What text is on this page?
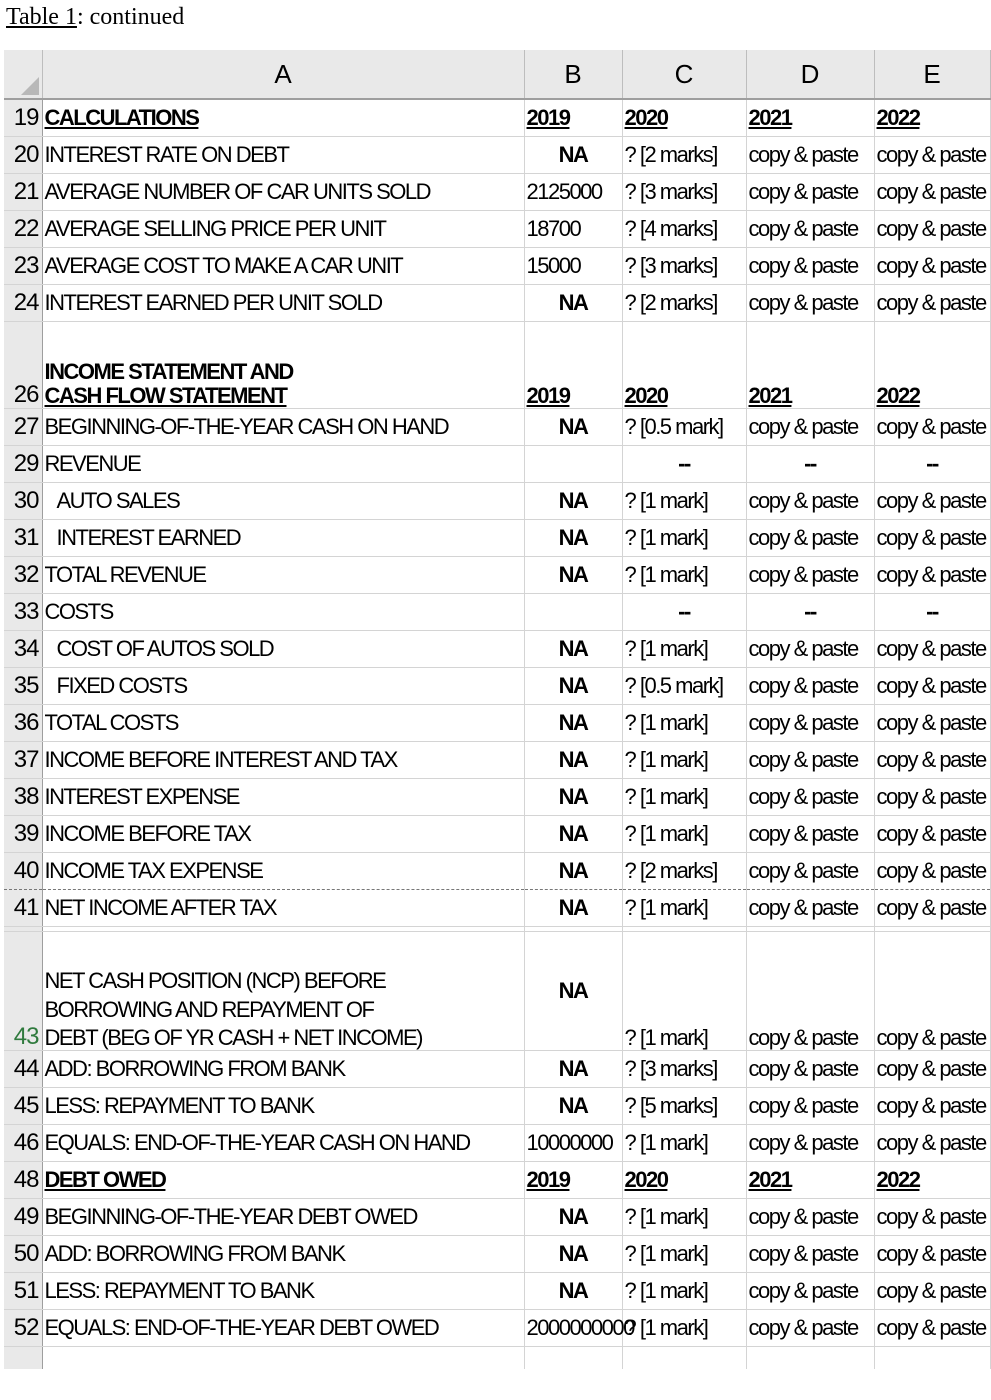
Table 1: continued
	A	B	C	D	E
19	CALCULATIONS	2019	2020	2021	2022
20	INTEREST RATE ON DEBT	NA	? [2 marks]	copy & paste	copy & paste
21	AVERAGE NUMBER OF CAR UNITS SOLD	2125000	? [3 marks]	copy & paste	copy & paste
22	AVERAGE SELLING PRICE PER UNIT	18700	? [4 marks]	copy & paste	copy & paste
23	AVERAGE COST TO MAKE A CAR UNIT	15000	? [3 marks]	copy & paste	copy & paste
24	INTEREST EARNED PER UNIT SOLD	NA	? [2 marks]	copy & paste	copy & paste
26	INCOME STATEMENT AND
CASH FLOW STATEMENT	2019	2020	2021	2022
27	BEGINNING-OF-THE-YEAR CASH ON HAND	NA	? [0.5 mark]	copy & paste	copy & paste
29	REVENUE		--	--	--
30	AUTO SALES	NA	? [1 mark]	copy & paste	copy & paste
31	INTEREST EARNED	NA	? [1 mark]	copy & paste	copy & paste
32	TOTAL REVENUE	NA	? [1 mark]	copy & paste	copy & paste
33	COSTS		--	--	--
34	COST OF AUTOS SOLD	NA	? [1 mark]	copy & paste	copy & paste
35	FIXED COSTS	NA	? [0.5 mark]	copy & paste	copy & paste
36	TOTAL COSTS	NA	? [1 mark]	copy & paste	copy & paste
37	INCOME BEFORE INTEREST AND TAX	NA	? [1 mark]	copy & paste	copy & paste
38	INTEREST EXPENSE	NA	? [1 mark]	copy & paste	copy & paste
39	INCOME BEFORE TAX	NA	? [1 mark]	copy & paste	copy & paste
40	INCOME TAX EXPENSE	NA	? [2 marks]	copy & paste	copy & paste
41	NET INCOME AFTER TAX	NA	? [1 mark]	copy & paste	copy & paste

43	NET CASH POSITION (NCP) BEFORE
BORROWING AND REPAYMENT OF
DEBT (BEG OF YR CASH + NET INCOME)	NA	? [1 mark]	copy & paste	copy & paste
44	ADD: BORROWING FROM BANK	NA	? [3 marks]	copy & paste	copy & paste
45	LESS: REPAYMENT TO BANK	NA	? [5 marks]	copy & paste	copy & paste
46	EQUALS: END-OF-THE-YEAR CASH ON HAND	10000000	? [1 mark]	copy & paste	copy & paste
48	DEBT OWED	2019	2020	2021	2022
49	BEGINNING-OF-THE-YEAR DEBT OWED	NA	? [1 mark]	copy & paste	copy & paste
50	ADD: BORROWING FROM BANK	NA	? [1 mark]	copy & paste	copy & paste
51	LESS: REPAYMENT TO BANK	NA	? [1 mark]	copy & paste	copy & paste
52	EQUALS: END-OF-THE-YEAR DEBT OWED	2000000000	? [1 mark]	copy & paste	copy & paste
